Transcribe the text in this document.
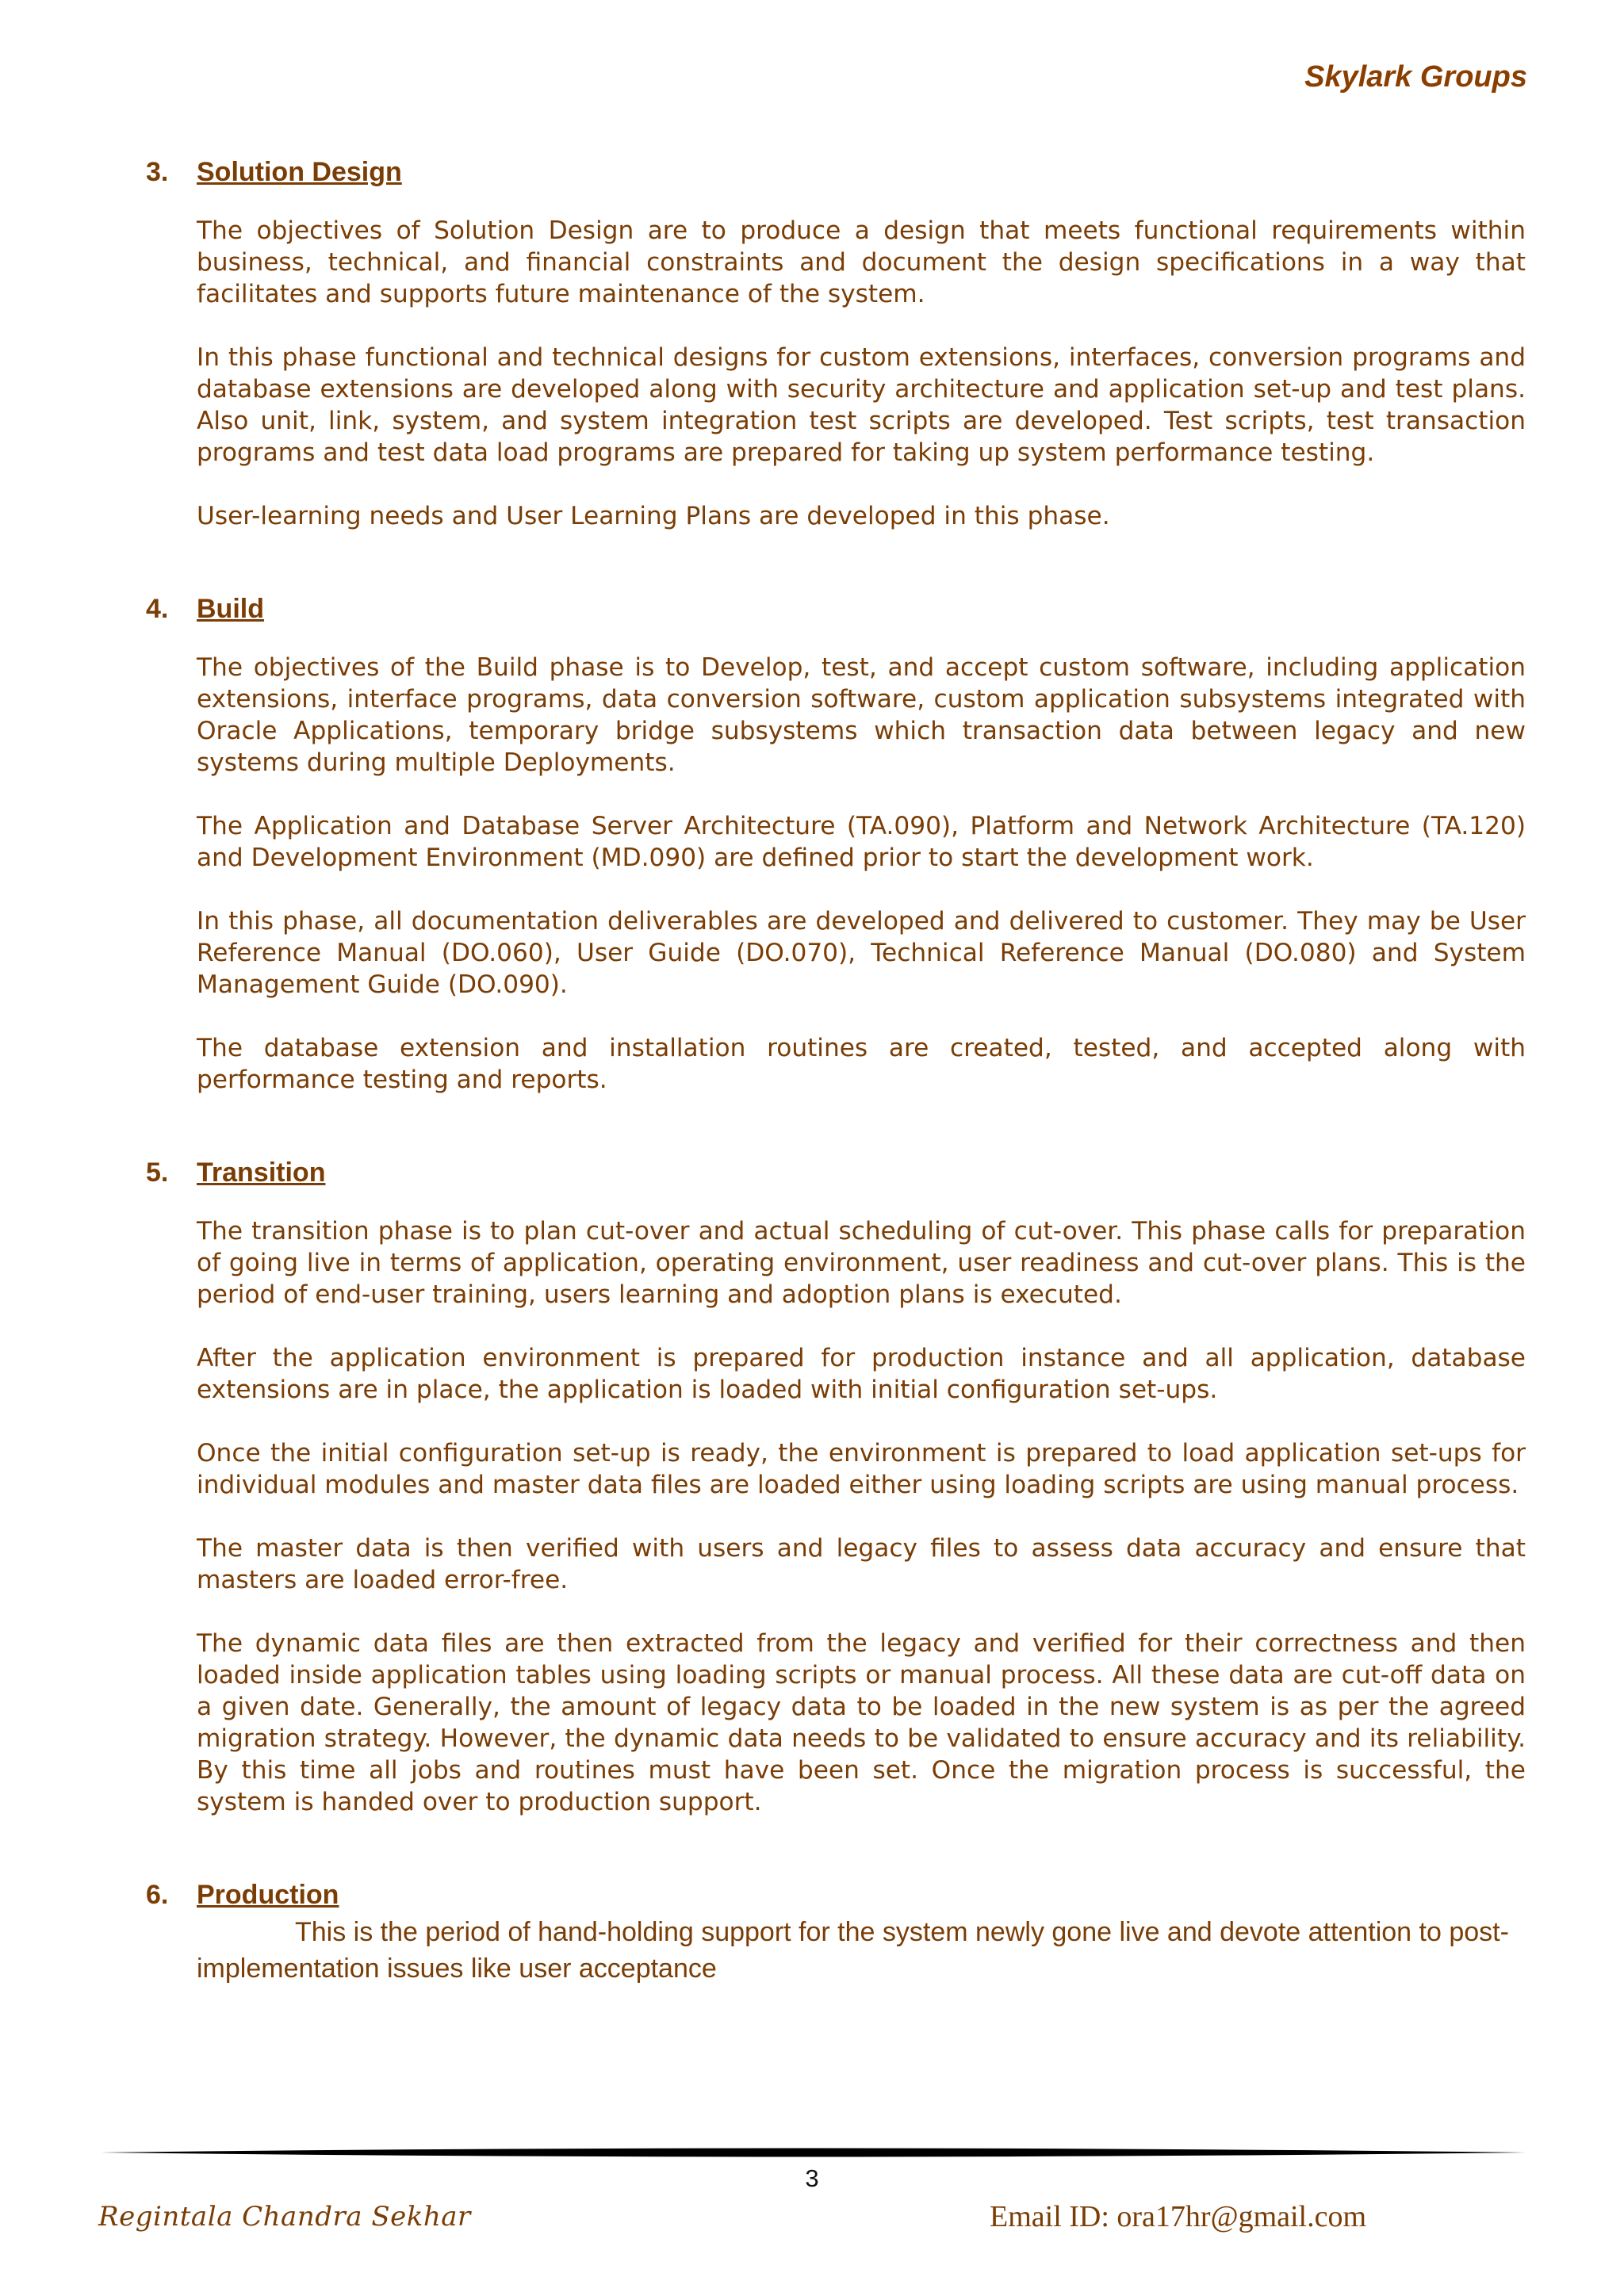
Skylark Groups
3.	Solution Design

The objectives of Solution Design are to produce a design that meets functional requirements within business, technical, and financial constraints and document the design specifications in a way that facilitates and supports future maintenance of the system.

In this phase functional and technical designs for custom extensions, interfaces, conversion programs and database extensions are developed along with security architecture and application set-up and test plans. Also unit, link, system, and system integration test scripts are developed. Test scripts, test transaction programs and test data load programs are prepared for taking up system performance testing.

User-learning needs and User Learning Plans are developed in this phase.

4.	Build

The objectives of the Build phase is to Develop, test, and accept custom software, including application extensions, interface programs, data conversion software, custom application subsystems integrated with Oracle Applications, temporary bridge subsystems which transaction data between legacy and new systems during multiple Deployments.

The Application and Database Server Architecture (TA.090), Platform and Network Architecture (TA.120) and Development Environment (MD.090) are defined prior to start the development work.

In this phase, all documentation deliverables are developed and delivered to customer. They may be User Reference Manual (DO.060), User Guide (DO.070), Technical Reference Manual (DO.080) and System Management Guide (DO.090).

The database extension and installation routines are created, tested, and accepted along with performance testing and reports.

5.	Transition

The transition phase is to plan cut-over and actual scheduling of cut-over. This phase calls for preparation of going live in terms of application, operating environment, user readiness and cut-over plans. This is the period of end-user training, users learning and adoption plans is executed.

After the application environment is prepared for production instance and all application, database extensions are in place, the application is loaded with initial configuration set-ups.

Once the initial configuration set-up is ready, the environment is prepared to load application set-ups for individual modules and master data files are loaded either using loading scripts are using manual process.

The master data is then verified with users and legacy files to assess data accuracy and ensure that masters are loaded error-free.

The dynamic data files are then extracted from the legacy and verified for their correctness and then loaded inside application tables using loading scripts or manual process. All these data are cut-off data on a given date. Generally, the amount of legacy data to be loaded in the new system is as per the agreed migration strategy. However, the dynamic data needs to be validated to ensure accuracy and its reliability. By this time all jobs and routines must have been set. Once the migration process is successful, the system is handed over to production support.

6.	Production

This is the period of hand-holding support for the system newly gone live and devote attention to post-implementation issues like user acceptance

3
Regintala Chandra Sekhar	Email ID: ora17hr@gmail.com
